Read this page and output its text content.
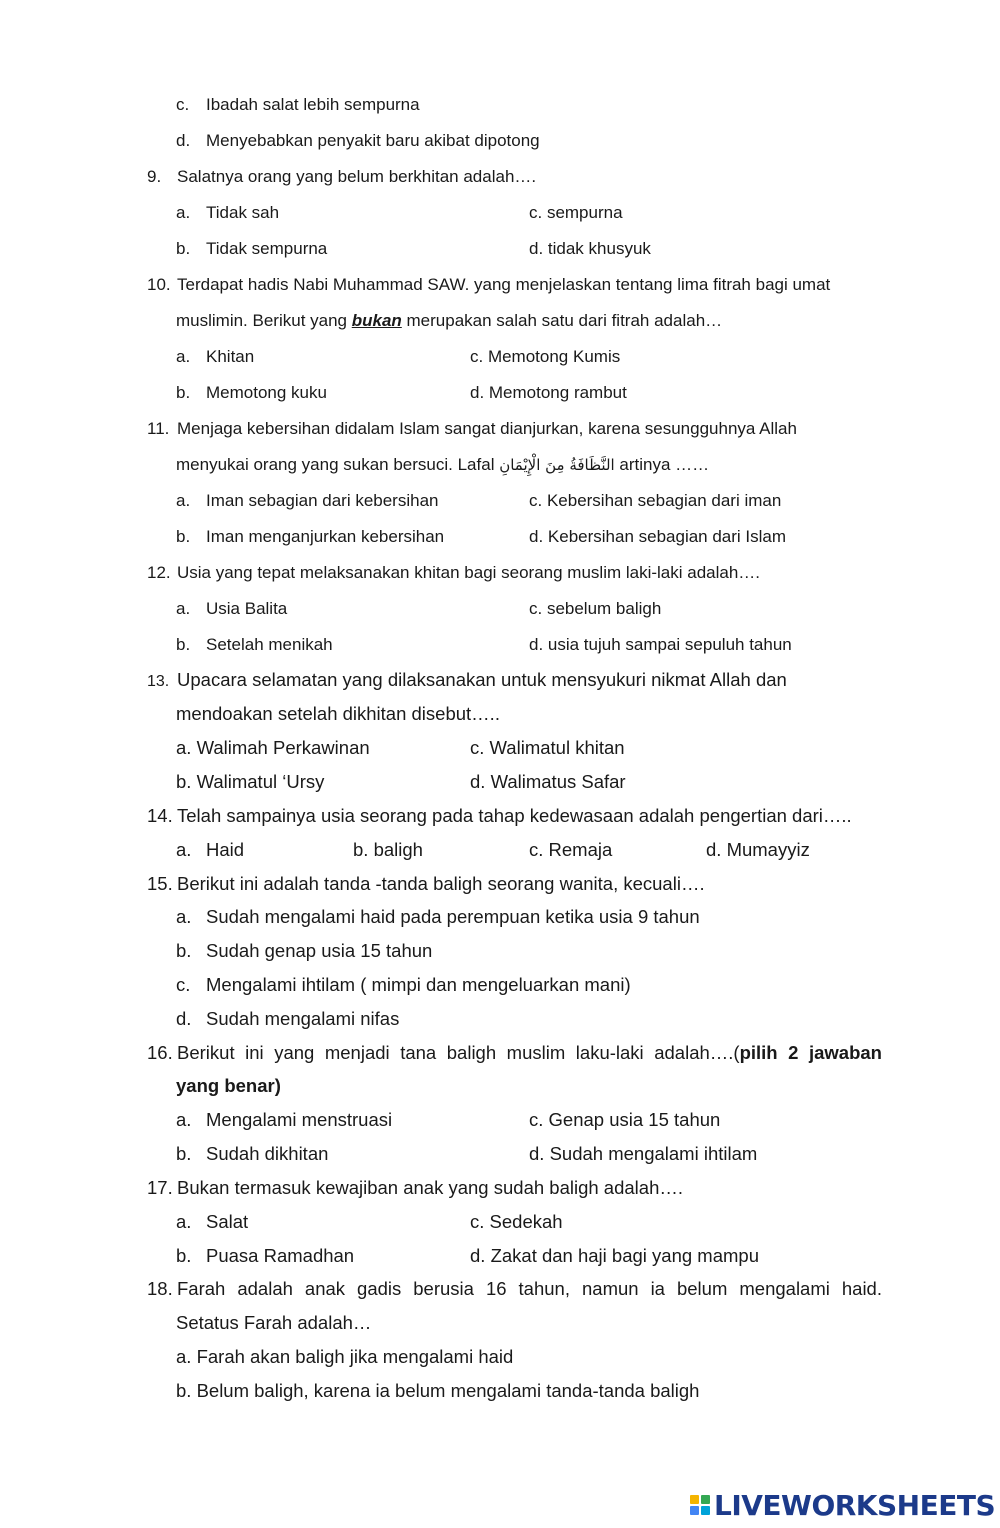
c. Ibadah salat lebih sempurna
d. Menyebabkan penyakit baru akibat dipotong
9. Salatnya orang yang belum berkhitan adalah….
a. Tidak sah	c. sempurna
b. Tidak sempurna	d. tidak khusyuk
10. Terdapat hadis Nabi Muhammad SAW. yang menjelaskan tentang lima fitrah bagi umat
muslimin. Berikut yang bukan merupakan salah satu dari fitrah adalah…
a. Khitan	c. Memotong Kumis
b. Memotong kuku	d. Memotong rambut
11. Menjaga kebersihan didalam Islam sangat dianjurkan, karena sesungguhnya Allah
menyukai orang yang sukan bersuci. Lafal النَّظَافَةُ مِنَ الْإِيْمَانِ artinya ……
a. Iman sebagian dari kebersihan	c. Kebersihan sebagian dari iman
b. Iman menganjurkan kebersihan	d. Kebersihan sebagian dari Islam
12. Usia yang tepat melaksanakan khitan bagi seorang muslim laki-laki adalah….
a. Usia Balita	c. sebelum baligh
b. Setelah menikah	d. usia tujuh sampai sepuluh tahun
13. Upacara selamatan yang dilaksanakan untuk mensyukuri nikmat Allah dan
mendoakan setelah dikhitan disebut…..
a. Walimah Perkawinan	c. Walimatul khitan
b. Walimatul ‘Ursy	d. Walimatus Safar
14. Telah sampainya usia seorang pada tahap kedewasaan adalah pengertian dari…..
a. Haid	b. baligh	c. Remaja	d. Mumayyiz
15. Berikut ini adalah tanda -tanda baligh seorang wanita, kecuali….
a. Sudah mengalami haid pada perempuan ketika usia 9 tahun
b. Sudah genap usia 15 tahun
c. Mengalami ihtilam ( mimpi dan mengeluarkan mani)
d. Sudah mengalami nifas
16. Berikut ini yang menjadi tana baligh muslim laku-laki adalah….(pilih 2 jawaban
yang benar)
a. Mengalami menstruasi	c. Genap usia 15 tahun
b. Sudah dikhitan	d. Sudah mengalami ihtilam
17. Bukan termasuk kewajiban anak yang sudah baligh adalah….
a. Salat	c. Sedekah
b. Puasa Ramadhan	d. Zakat dan haji bagi yang mampu
18. Farah adalah anak gadis berusia 16 tahun, namun ia belum mengalami haid.
Setatus Farah adalah…
a. Farah akan baligh jika mengalami haid
b. Belum baligh, karena ia belum mengalami tanda-tanda baligh
LIVEWORKSHEETS
